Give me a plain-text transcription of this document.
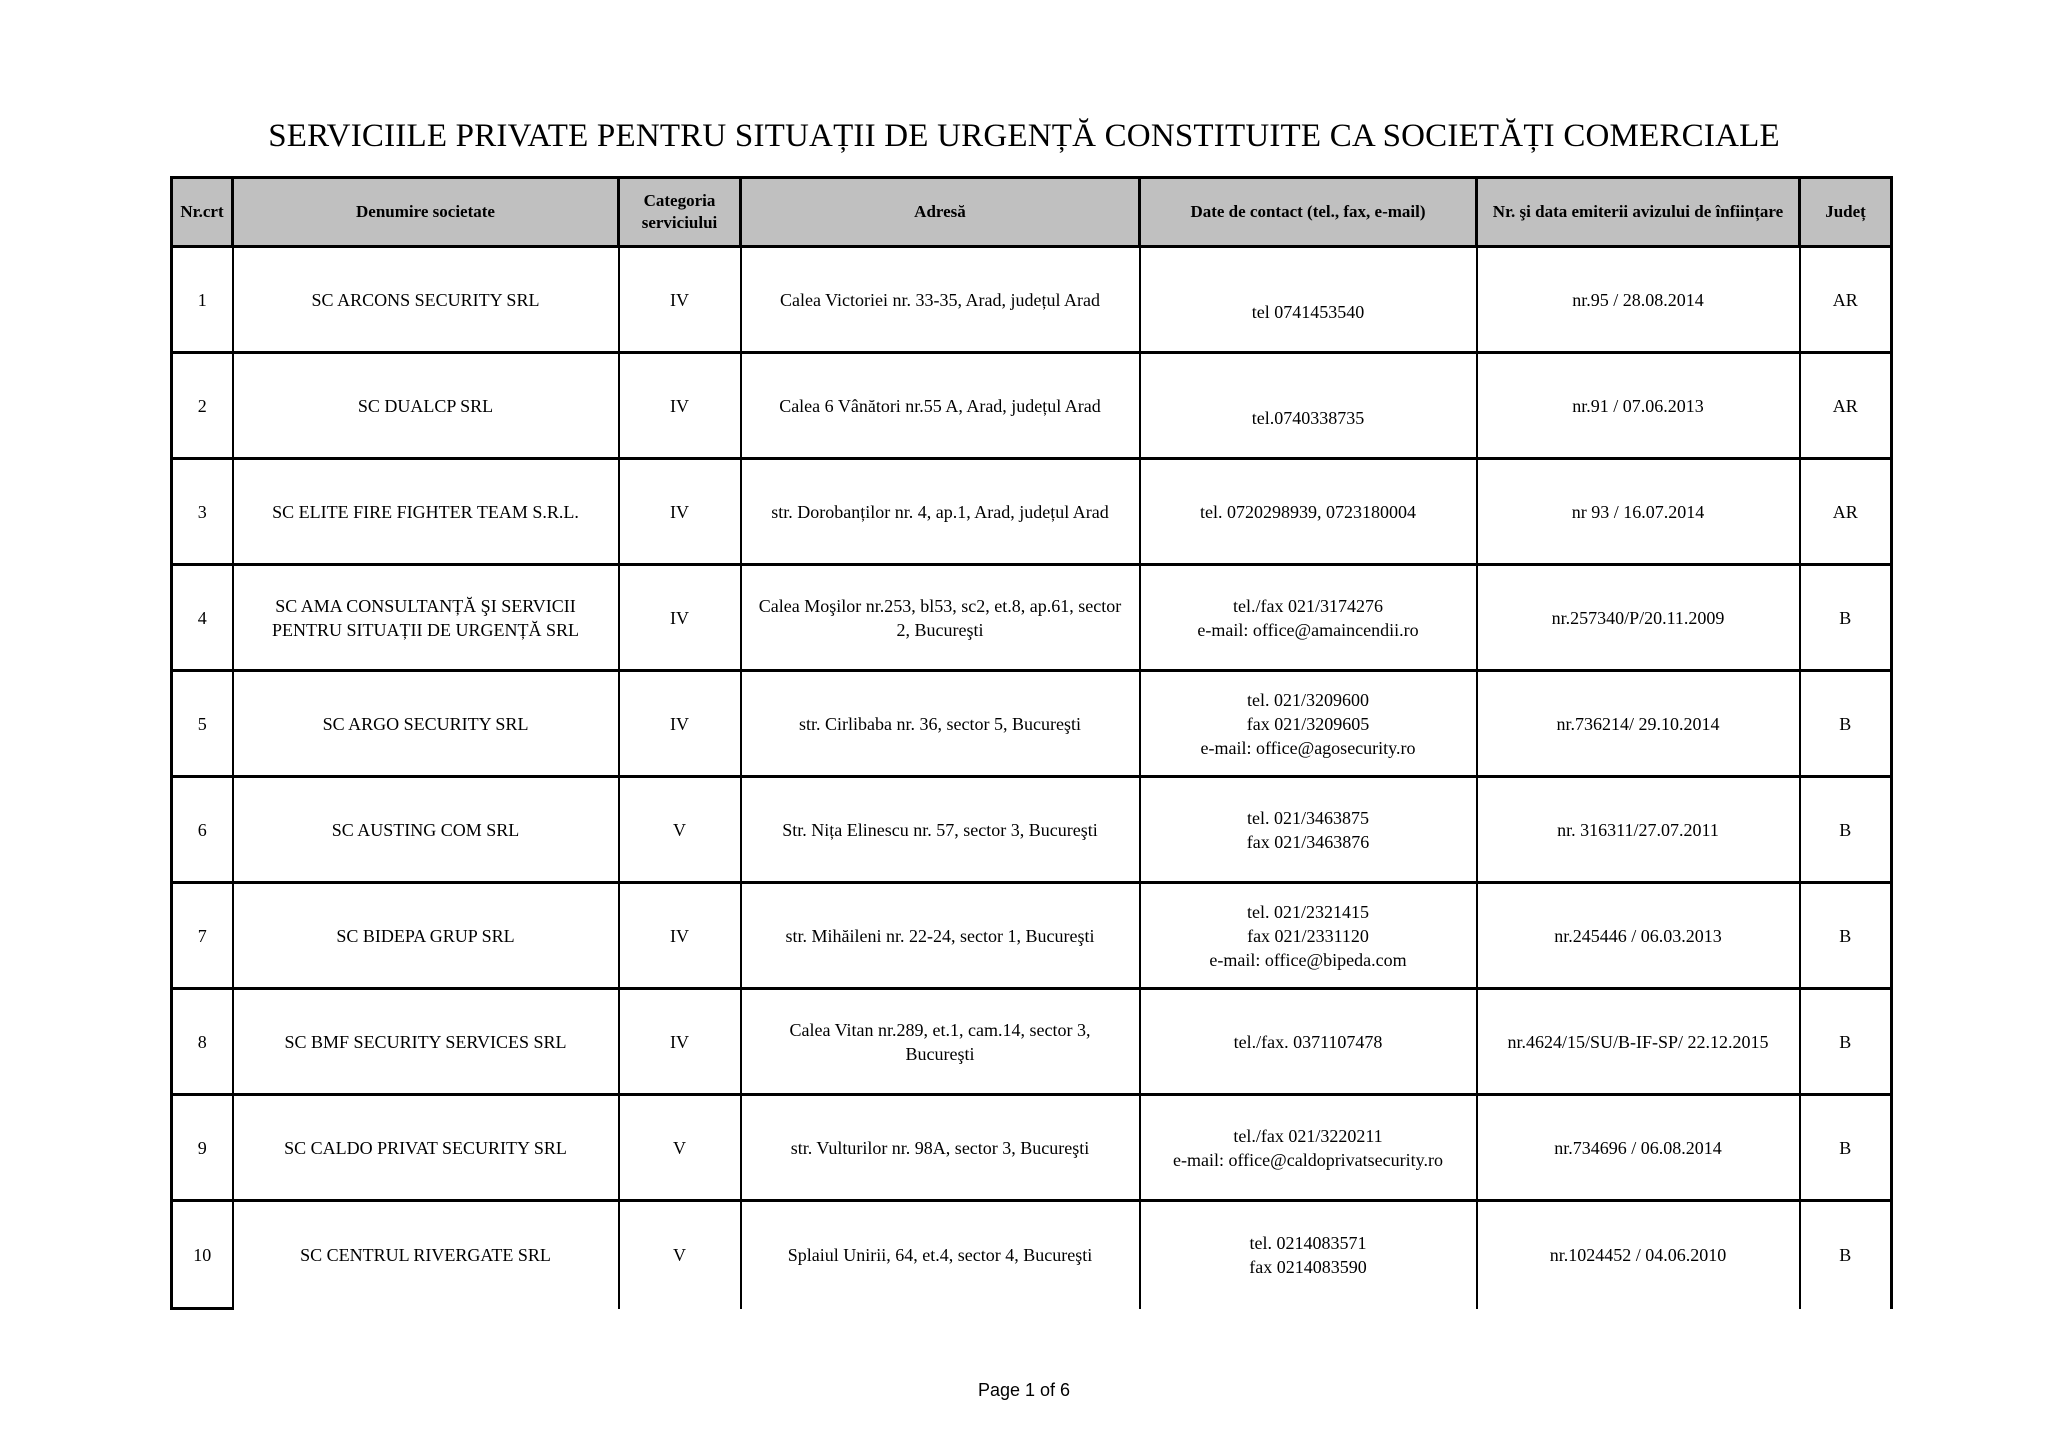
SERVICIILE PRIVATE PENTRU SITUAȚII DE URGENȚĂ CONSTITUITE CA SOCIETĂȚI COMERCIALE
Nr.crt	Denumire societate	Categoria serviciului	Adresă	Date de contact (tel., fax, e-mail)	Nr. şi data emiterii avizului de înființare	Județ
1	SC ARCONS SECURITY SRL	IV	Calea Victoriei nr. 33-35, Arad, județul Arad	tel 0741453540	nr.95 / 28.08.2014	AR
2	SC DUALCP SRL	IV	Calea 6 Vânători nr.55 A, Arad, județul Arad	tel.0740338735	nr.91 / 07.06.2013	AR
3	SC ELITE FIRE FIGHTER TEAM S.R.L.	IV	str. Dorobanților nr. 4, ap.1, Arad, județul Arad	tel. 0720298939, 0723180004	nr 93 / 16.07.2014	AR
4	SC AMA CONSULTANȚĂ ŞI SERVICII
PENTRU SITUAȚII DE URGENȚĂ SRL	IV	Calea Moşilor nr.253, bl53, sc2, et.8, ap.61, sector
2, Bucureşti	tel./fax 021/3174276
e-mail: office@amaincendii.ro	nr.257340/P/20.11.2009	B
5	SC ARGO SECURITY SRL	IV	str. Cirlibaba nr. 36, sector 5, Bucureşti	tel. 021/3209600
fax 021/3209605
e-mail: office@agosecurity.ro	nr.736214/ 29.10.2014	B
6	SC AUSTING COM SRL	V	Str. Nița Elinescu nr. 57, sector 3, Bucureşti	tel. 021/3463875
fax 021/3463876	nr. 316311/27.07.2011	B
7	SC BIDEPA GRUP SRL	IV	str. Mihăileni nr. 22-24, sector 1, Bucureşti	tel. 021/2321415
fax 021/2331120
e-mail: office@bipeda.com	nr.245446 / 06.03.2013	B
8	SC BMF SECURITY SERVICES SRL	IV	Calea Vitan nr.289, et.1, cam.14, sector 3,
Bucureşti	tel./fax. 0371107478	nr.4624/15/SU/B-IF-SP/ 22.12.2015	B
9	SC CALDO PRIVAT SECURITY SRL	V	str. Vulturilor nr. 98A, sector 3, Bucureşti	tel./fax 021/3220211
e-mail: office@caldoprivatsecurity.ro	nr.734696 / 06.08.2014	B
10	SC CENTRUL RIVERGATE SRL	V	Splaiul Unirii, 64, et.4, sector 4, Bucureşti	tel. 0214083571
fax 0214083590	nr.1024452 / 04.06.2010	B
Page 1 of 6
